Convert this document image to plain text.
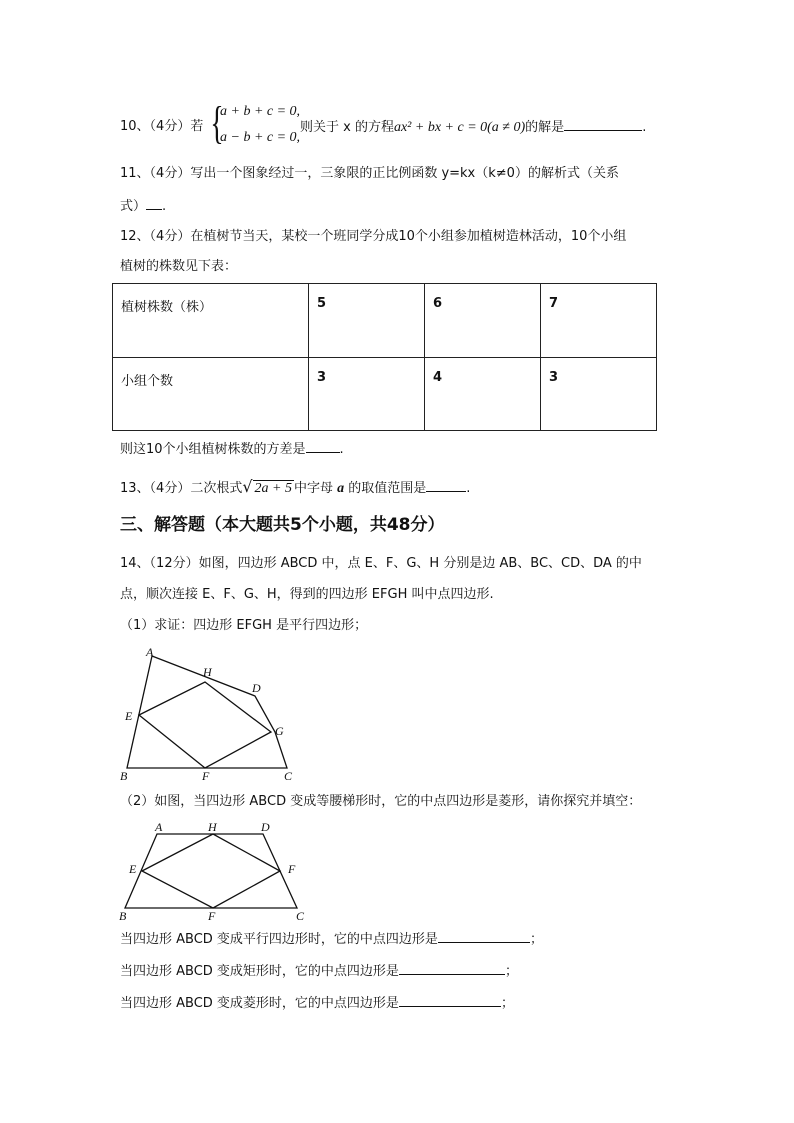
10、（4分）若 {
a + b + c = 0,
a − b + c = 0,
则关于 x 的方程ax² + bx + c = 0(a ≠ 0)的解是	.
11、（4分）写出一个图象经过一，三象限的正比例函数 y=kx（k≠0）的解析式（关系
式） .
12、（4分）在植树节当天，某校一个班同学分成10个小组参加植树造林活动，10个小组
植树的株数见下表：
植树株数（株）	5	6	7
小组个数	3	4	3
则这10个小组植树株数的方差是	.
13、（4分）二次根式√ 2a + 5 中字母 a 的取值范围是	.
三、解答题（本大题共5个小题，共48分）
14、（12分）如图，四边形 ABCD 中，点 E、F、G、H 分别是边 AB、BC、CD、DA 的中
点，顺次连接 E、F、G、H，得到的四边形 EFGH 叫中点四边形.
（1）求证：四边形 EFGH 是平行四边形；
A
H
D
E
G
B	F	C
（2）如图，当四边形 ABCD 变成等腰梯形时，它的中点四边形是菱形，请你探究并填空：
A	H	D
E	F
B	F	C
当四边形 ABCD 变成平行四边形时，它的中点四边形是	；
当四边形 ABCD 变成矩形时，它的中点四边形是	；
当四边形 ABCD 变成菱形时，它的中点四边形是	；
